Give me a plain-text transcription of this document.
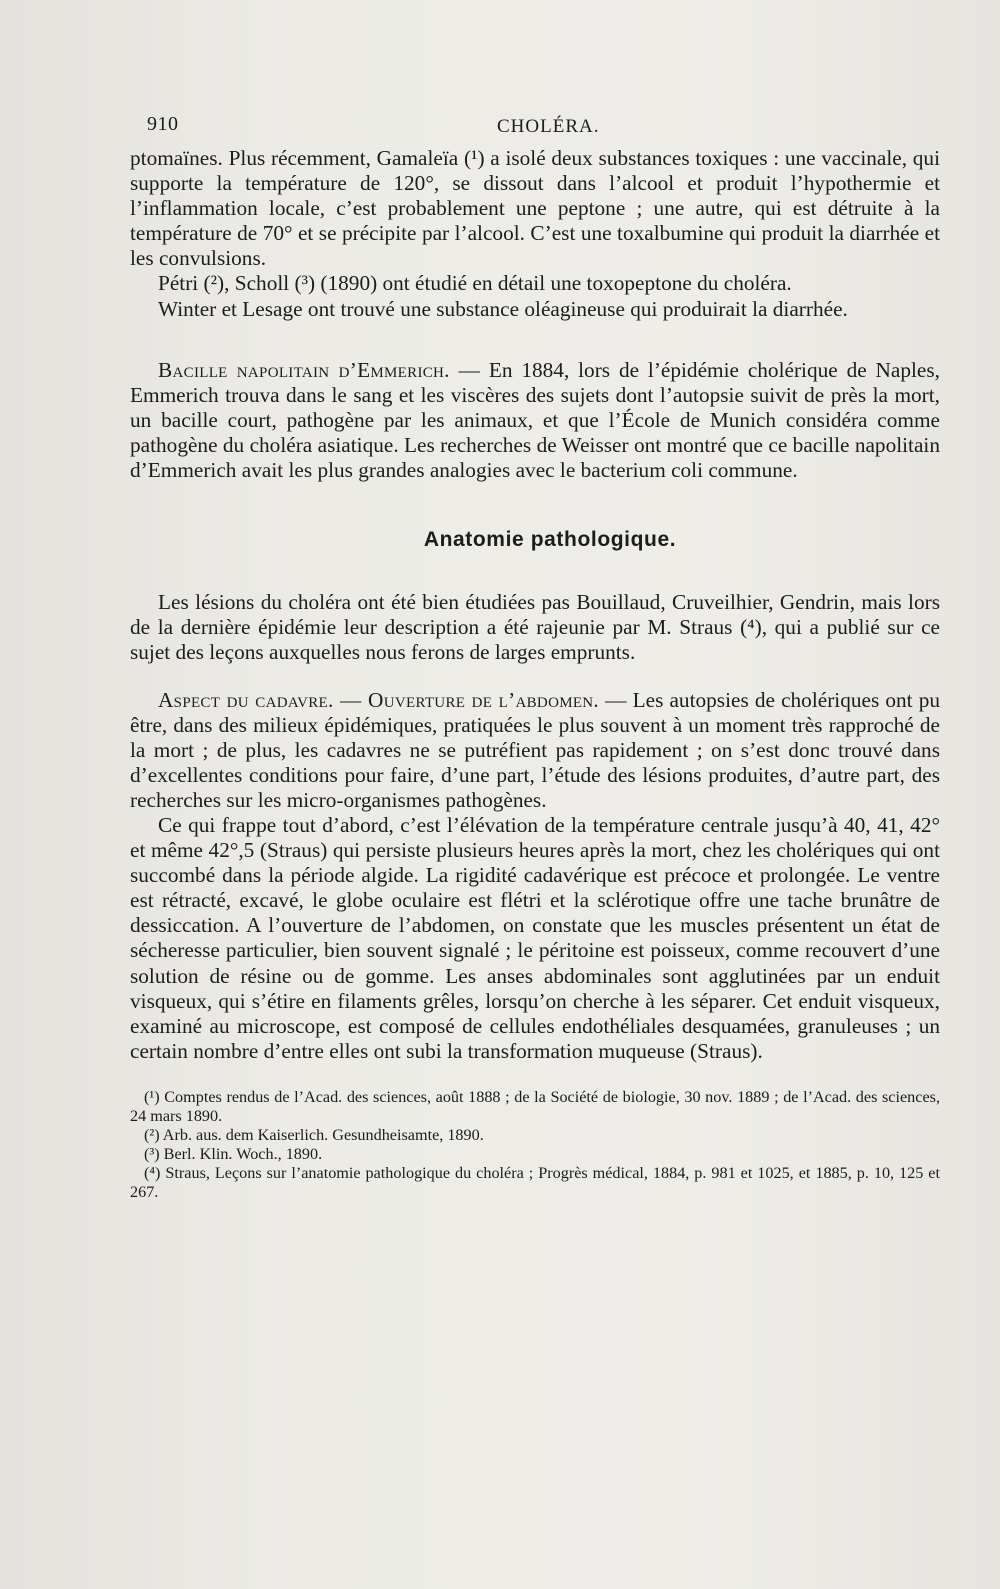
910	CHOLÉRA.

ptomaïnes. Plus récemment, Gamaleïa (¹) a isolé deux substances toxiques : une vaccinale, qui supporte la température de 120°, se dissout dans l’alcool et produit l’hypothermie et l’inflammation locale, c’est probablement une peptone ; une autre, qui est détruite à la température de 70° et se précipite par l’alcool. C’est une toxalbumine qui produit la diarrhée et les convulsions.

Pétri (²), Scholl (³) (1890) ont étudié en détail une toxopeptone du choléra.

Winter et Lesage ont trouvé une substance oléagineuse qui produirait la diarrhée.

Bacille napolitain d’Emmerich. — En 1884, lors de l’épidémie cholérique de Naples, Emmerich trouva dans le sang et les viscères des sujets dont l’autopsie suivit de près la mort, un bacille court, pathogène par les animaux, et que l’École de Munich considéra comme pathogène du choléra asiatique. Les recherches de Weisser ont montré que ce bacille napolitain d’Emmerich avait les plus grandes analogies avec le bacterium coli commune.

Anatomie pathologique.

Les lésions du choléra ont été bien étudiées pas Bouillaud, Cruveilhier, Gendrin, mais lors de la dernière épidémie leur description a été rajeunie par M. Straus (⁴), qui a publié sur ce sujet des leçons auxquelles nous ferons de larges emprunts.

Aspect du cadavre. — Ouverture de l’abdomen. — Les autopsies de cholériques ont pu être, dans des milieux épidémiques, pratiquées le plus souvent à un moment très rapproché de la mort ; de plus, les cadavres ne se putréfient pas rapidement ; on s’est donc trouvé dans d’excellentes conditions pour faire, d’une part, l’étude des lésions produites, d’autre part, des recherches sur les micro-organismes pathogènes.

Ce qui frappe tout d’abord, c’est l’élévation de la température centrale jusqu’à 40, 41, 42° et même 42°,5 (Straus) qui persiste plusieurs heures après la mort, chez les cholériques qui ont succombé dans la période algide. La rigidité cadavérique est précoce et prolongée. Le ventre est rétracté, excavé, le globe oculaire est flétri et la sclérotique offre une tache brunâtre de dessiccation. A l’ouverture de l’abdomen, on constate que les muscles présentent un état de sécheresse particulier, bien souvent signalé ; le péritoine est poisseux, comme recouvert d’une solution de résine ou de gomme. Les anses abdominales sont agglutinées par un enduit visqueux, qui s’étire en filaments grêles, lorsqu’on cherche à les séparer. Cet enduit visqueux, examiné au microscope, est composé de cellules endothéliales desquamées, granuleuses ; un certain nombre d’entre elles ont subi la transformation muqueuse (Straus).

(¹) Comptes rendus de l’Acad. des sciences, août 1888 ; de la Société de biologie, 30 nov. 1889 ; de l’Acad. des sciences, 24 mars 1890.

(²) Arb. aus. dem Kaiserlich. Gesundheisamte, 1890.

(³) Berl. Klin. Woch., 1890.

(⁴) Straus, Leçons sur l’anatomie pathologique du choléra ; Progrès médical, 1884, p. 981 et 1025, et 1885, p. 10, 125 et 267.
